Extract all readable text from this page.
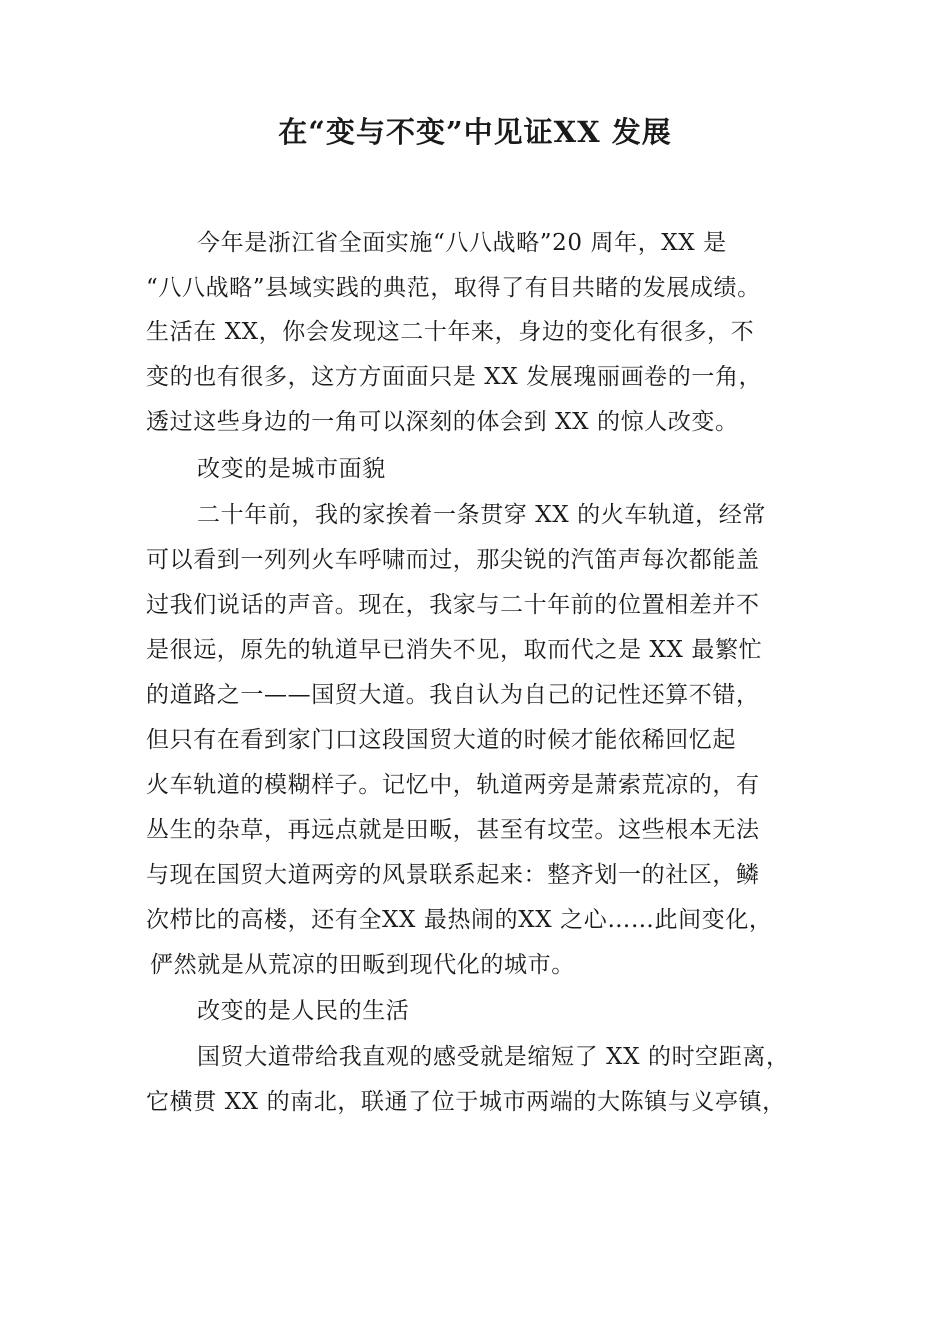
在“变与不变”中见证XX 发展
今年是浙江省全面实施“八八战略”20 周年，XX 是
“八八战略”县域实践的典范，取得了有目共睹的发展成绩。
生活在 XX，你会发现这二十年来，身边的变化有很多，不
变的也有很多，这方方面面只是 XX 发展瑰丽画卷的一角，
透过这些身边的一角可以深刻的体会到 XX 的惊人改变。
改变的是城市面貌
二十年前，我的家挨着一条贯穿 XX 的火车轨道，经常
可以看到一列列火车呼啸而过，那尖锐的汽笛声每次都能盖
过我们说话的声音。现在，我家与二十年前的位置相差并不
是很远，原先的轨道早已消失不见，取而代之是 XX 最繁忙
的道路之一——国贸大道。我自认为自己的记性还算不错，
但只有在看到家门口这段国贸大道的时候才能依稀回忆起
火车轨道的模糊样子。记忆中，轨道两旁是萧索荒凉的，有
丛生的杂草，再远点就是田畈，甚至有坟茔。这些根本无法
与现在国贸大道两旁的风景联系起来：整齐划一的社区，鳞
次栉比的高楼，还有全XX 最热闹的XX 之心……此间变化，
俨然就是从荒凉的田畈到现代化的城市。
改变的是人民的生活
国贸大道带给我直观的感受就是缩短了 XX 的时空距离，
它横贯 XX 的南北，联通了位于城市两端的大陈镇与义亭镇，
